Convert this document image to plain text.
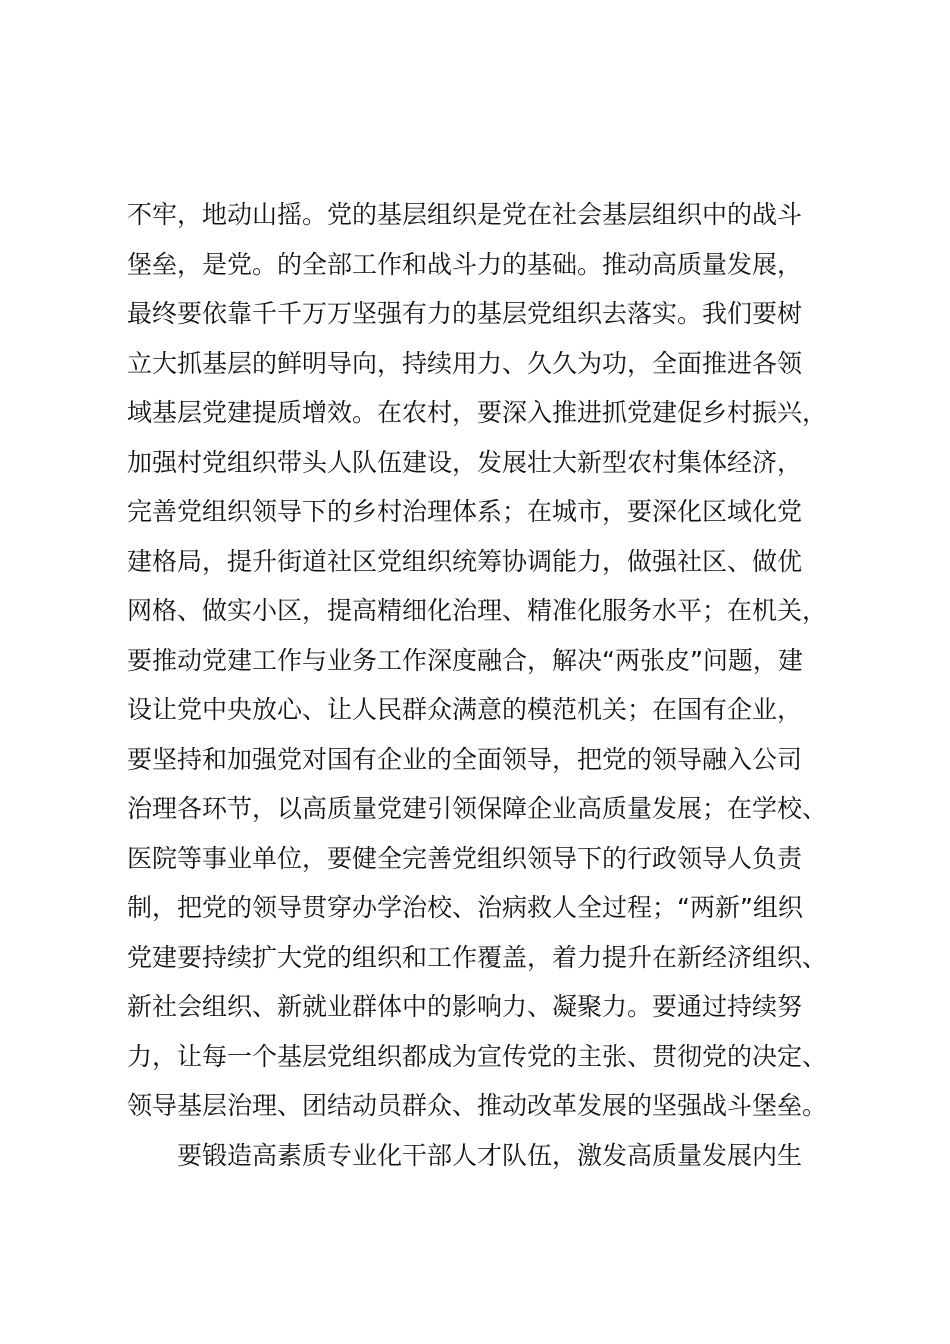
不牢，地动山摇。党的基层组织是党在社会基层组织中的战斗
堡垒，是党。的全部工作和战斗力的基础。推动高质量发展，
最终要依靠千千万万坚强有力的基层党组织去落实。我们要树
立大抓基层的鲜明导向，持续用力、久久为功，全面推进各领
域基层党建提质增效。在农村，要深入推进抓党建促乡村振兴，
加强村党组织带头人队伍建设，发展壮大新型农村集体经济，
完善党组织领导下的乡村治理体系；在城市，要深化区域化党
建格局，提升街道社区党组织统筹协调能力，做强社区、做优
网格、做实小区，提高精细化治理、精准化服务水平；在机关，
要推动党建工作与业务工作深度融合，解决“两张皮”问题，建
设让党中央放心、让人民群众满意的模范机关；在国有企业，
要坚持和加强党对国有企业的全面领导，把党的领导融入公司
治理各环节，以高质量党建引领保障企业高质量发展；在学校、
医院等事业单位，要健全完善党组织领导下的行政领导人负责
制，把党的领导贯穿办学治校、治病救人全过程；“两新”组织
党建要持续扩大党的组织和工作覆盖，着力提升在新经济组织、
新社会组织、新就业群体中的影响力、凝聚力。要通过持续努
力，让每一个基层党组织都成为宣传党的主张、贯彻党的决定、
领导基层治理、团结动员群众、推动改革发展的坚强战斗堡垒。
要锻造高素质专业化干部人才队伍，激发高质量发展内生
